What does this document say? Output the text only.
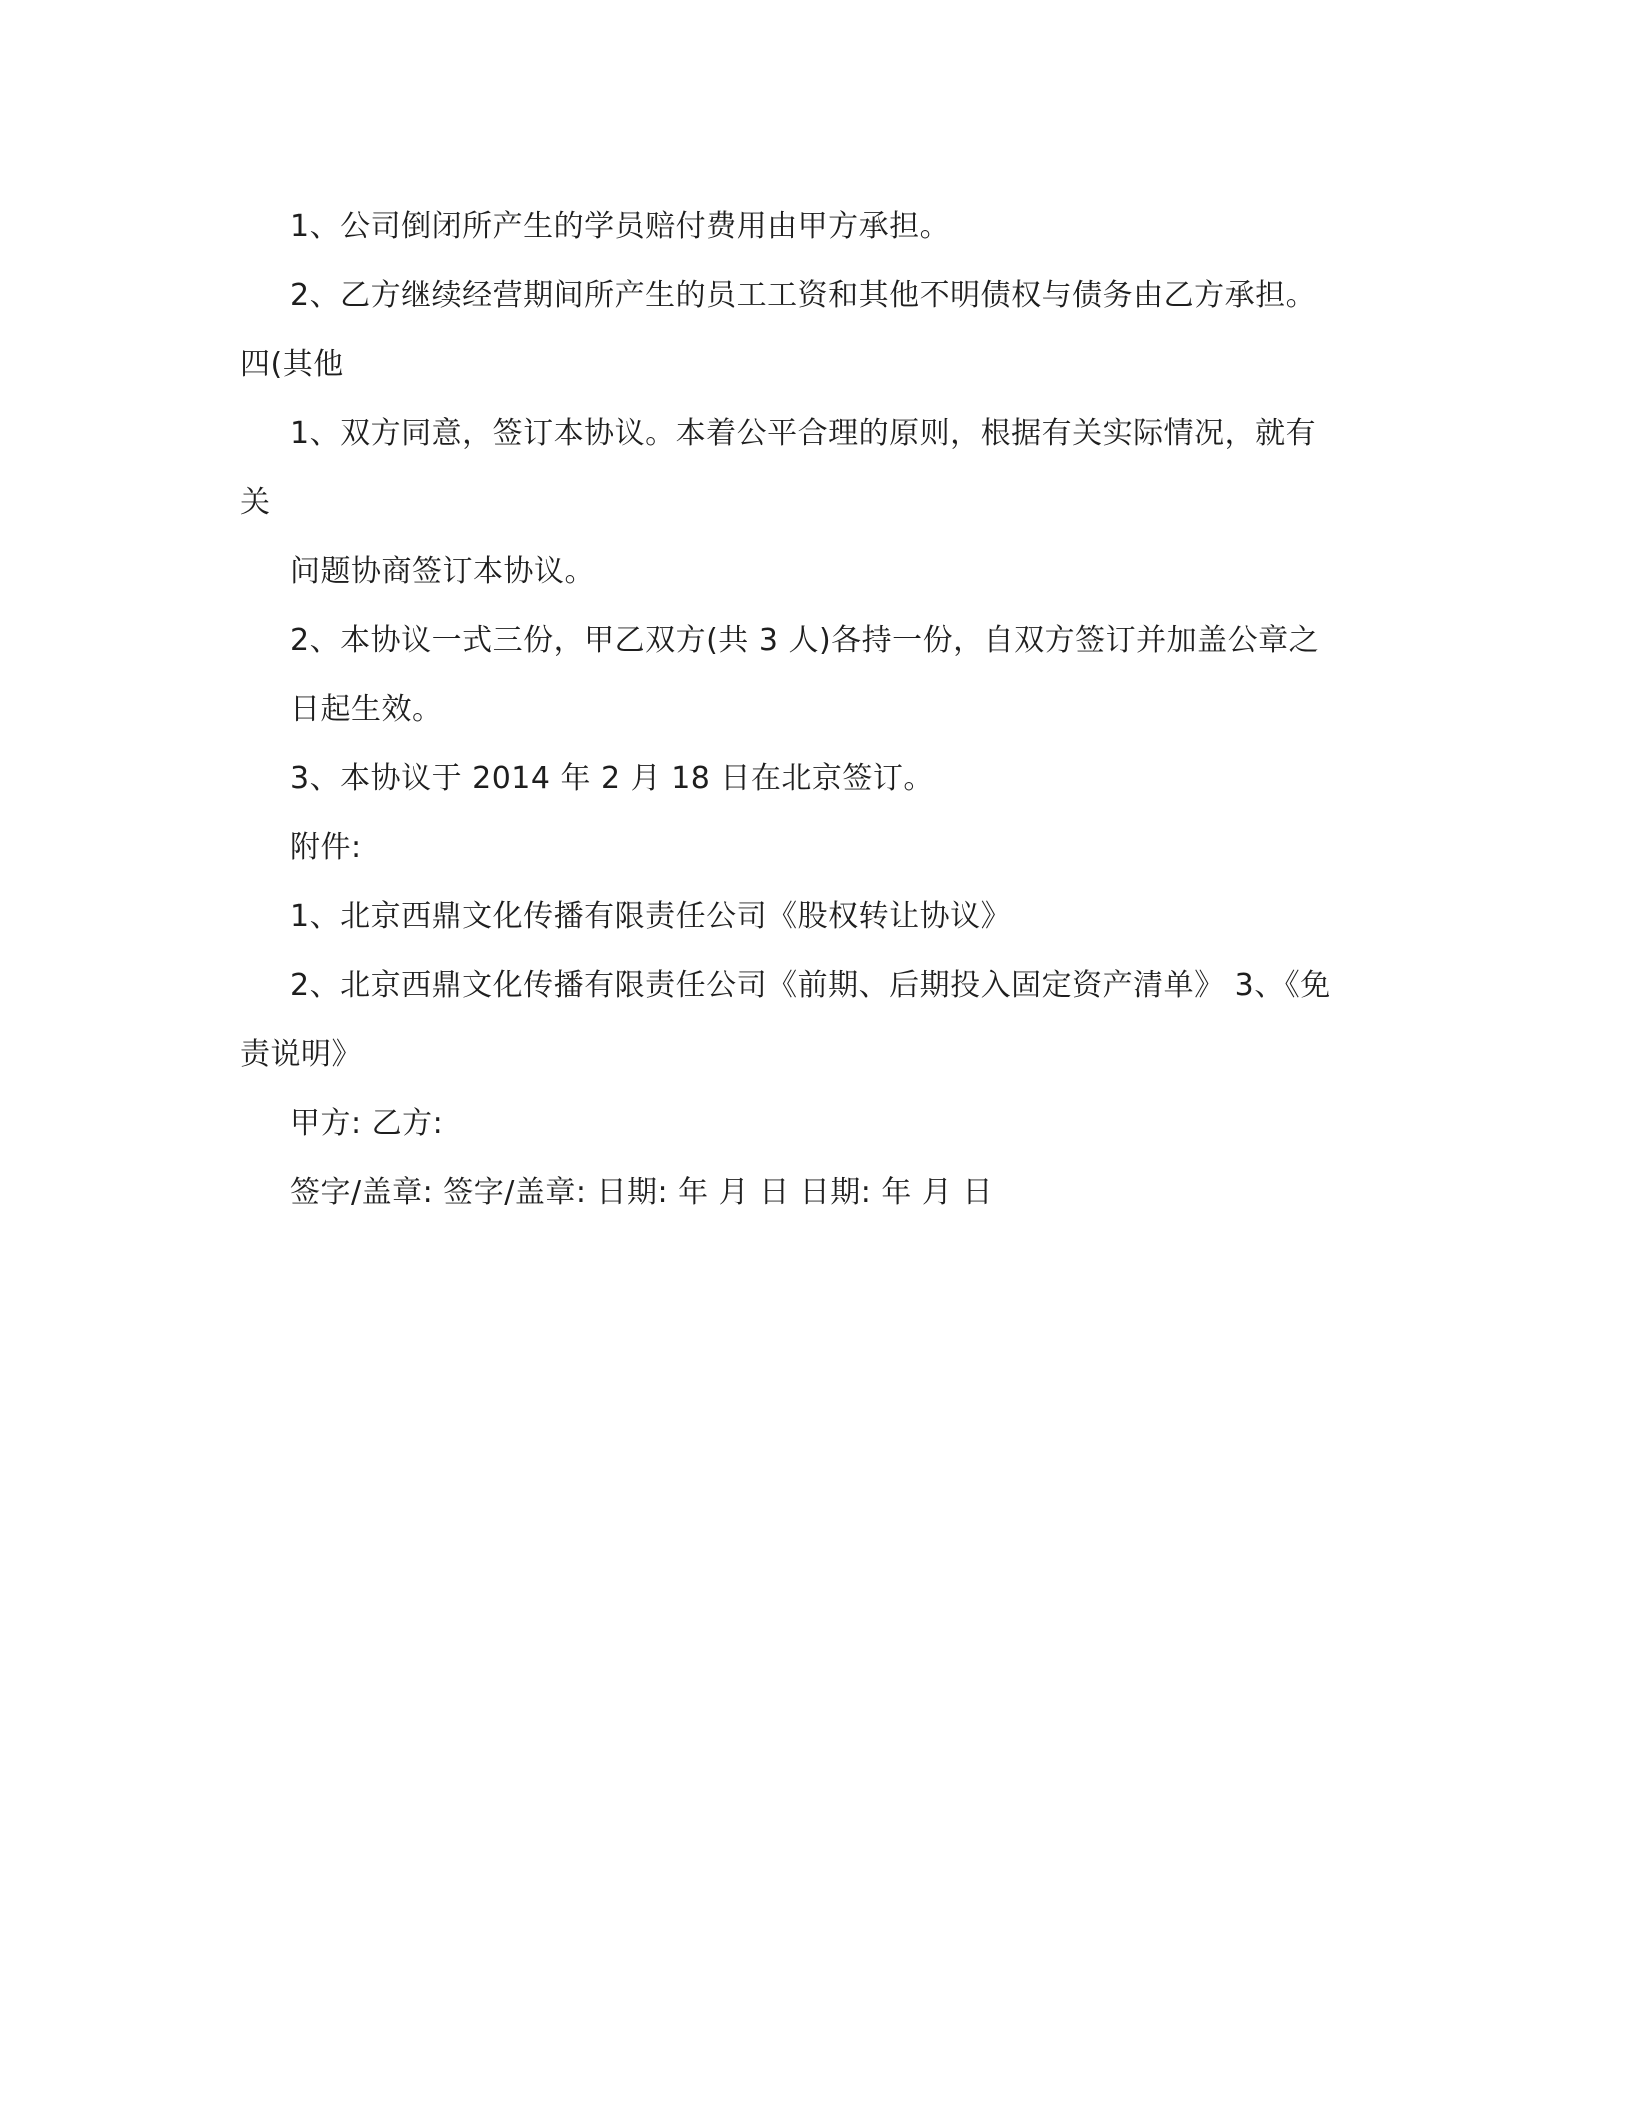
1、公司倒闭所产生的学员赔付费用由甲方承担。

2、乙方继续经营期间所产生的员工工资和其他不明债权与债务由乙方承担。

四(其他

1、双方同意，签订本协议。本着公平合理的原则，根据有关实际情况，就有

关

问题协商签订本协议。

2、本协议一式三份，甲乙双方(共 3 人)各持一份，自双方签订并加盖公章之

日起生效。

3、本协议于 2014 年 2 月 18 日在北京签订。

附件:

1、北京西鼎文化传播有限责任公司《股权转让协议》

2、北京西鼎文化传播有限责任公司《前期、后期投入固定资产清单》 3、《免

责说明》

甲方: 乙方:

签字/盖章: 签字/盖章: 日期: 年 月 日 日期: 年 月 日
